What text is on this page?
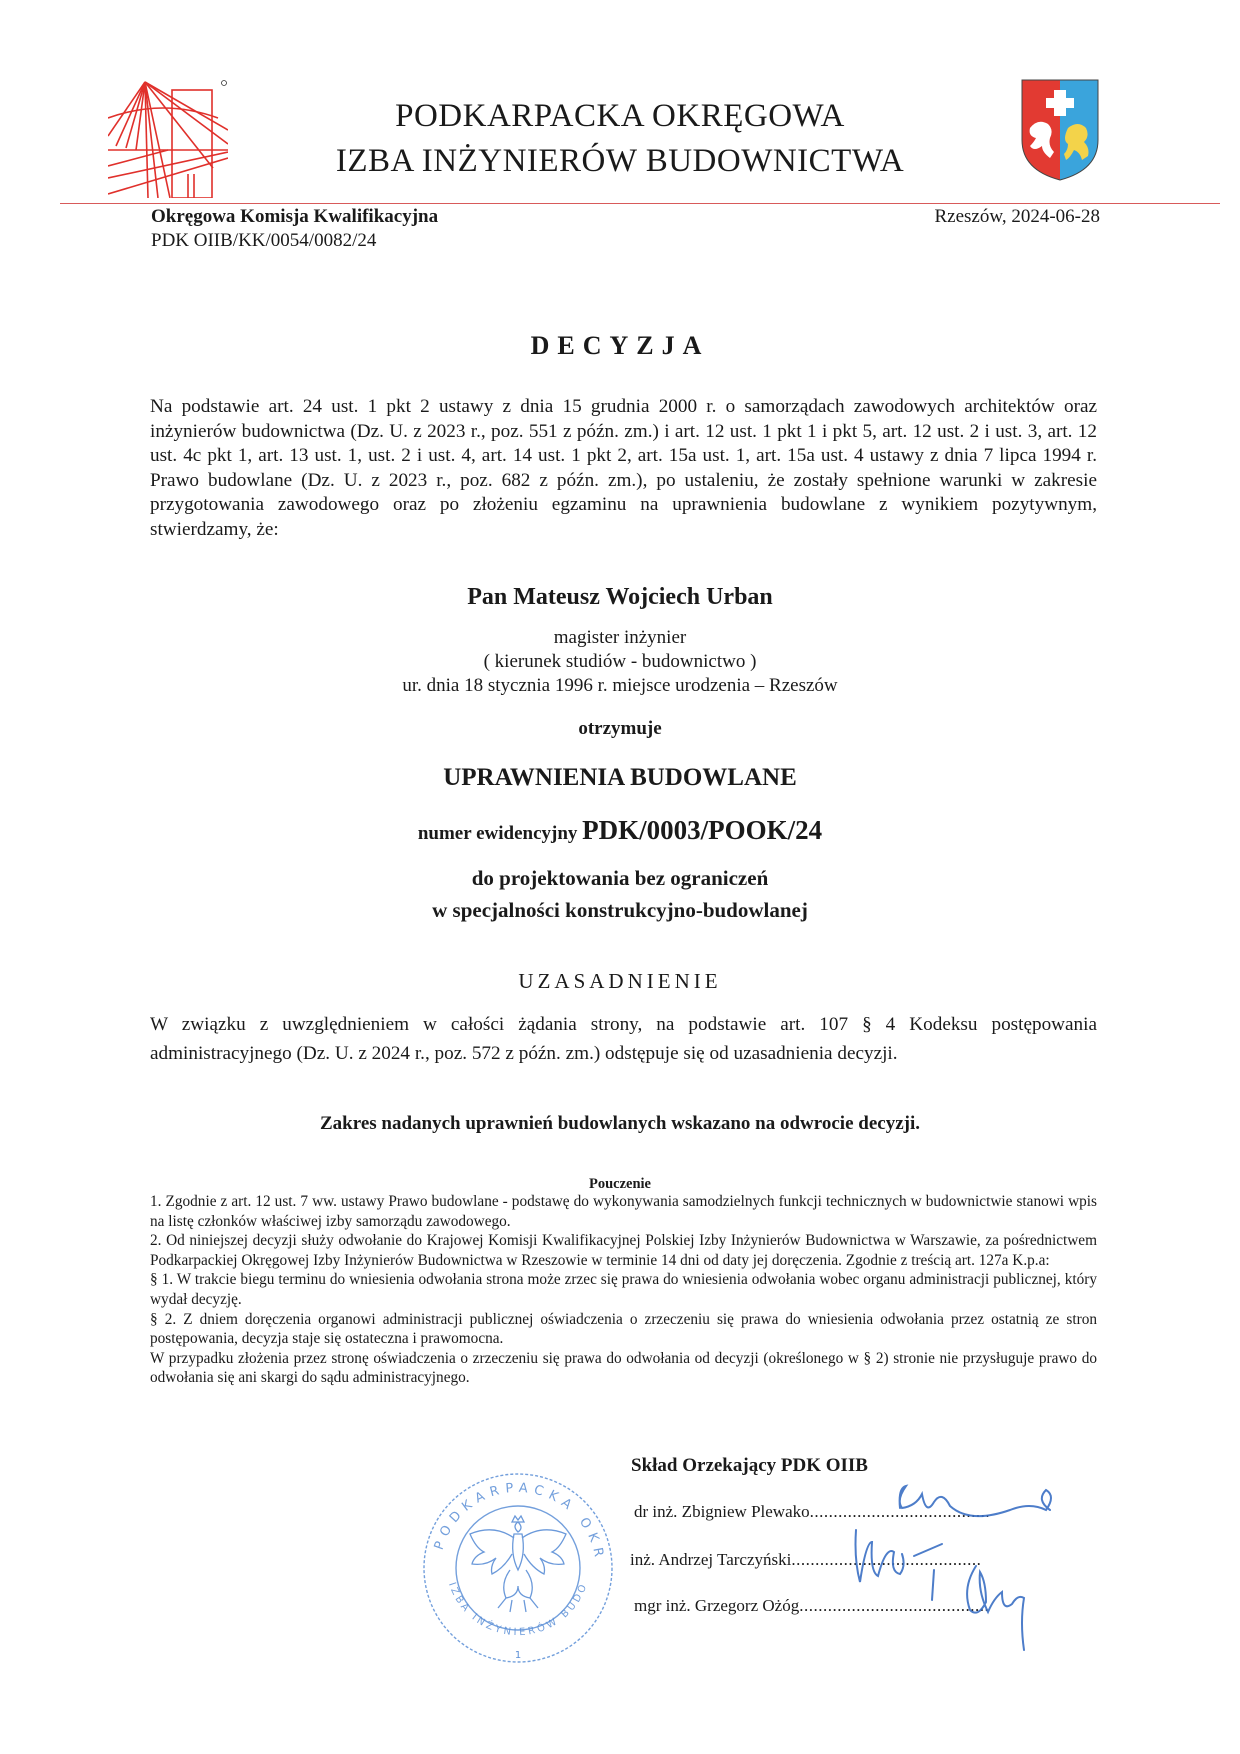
PODKARPACKA OKRĘGOWA
IZBA INŻYNIERÓW BUDOWNICTWA
Okręgowa Komisja Kwalifikacyjna
PDK OIIB/KK/0054/0082/24
Rzeszów, 2024-06-28
DECYZJA
Na podstawie art. 24 ust. 1 pkt 2 ustawy z dnia 15 grudnia 2000 r. o samorządach zawodowych architektów oraz inżynierów budownictwa (Dz. U. z 2023 r., poz. 551 z późn. zm.) i art. 12 ust. 1 pkt 1 i pkt 5, art. 12 ust. 2 i ust. 3, art. 12 ust. 4c pkt 1, art. 13 ust. 1, ust. 2 i ust. 4, art. 14 ust. 1 pkt 2, art. 15a ust. 1, art. 15a ust. 4 ustawy z dnia 7 lipca 1994 r. Prawo budowlane (Dz. U. z 2023 r., poz. 682 z późn. zm.), po ustaleniu, że zostały spełnione warunki w zakresie przygotowania zawodowego oraz po złożeniu egzaminu na uprawnienia budowlane z wynikiem pozytywnym, stwierdzamy, że:
Pan Mateusz Wojciech Urban
magister inżynier
( kierunek studiów - budownictwo )
ur. dnia 18 stycznia 1996 r. miejsce urodzenia – Rzeszów
otrzymuje
UPRAWNIENIA BUDOWLANE
numer ewidencyjny PDK/0003/POOK/24
do projektowania bez ograniczeń
w specjalności konstrukcyjno-budowlanej
UZASADNIENIE
W związku z uwzględnieniem w całości żądania strony, na podstawie art. 107 § 4 Kodeksu postępowania administracyjnego (Dz. U. z 2024 r., poz. 572 z późn. zm.) odstępuje się od uzasadnienia decyzji.
Zakres nadanych uprawnień budowlanych wskazano na odwrocie decyzji.
Pouczenie

1. Zgodnie z art. 12 ust. 7 ww. ustawy Prawo budowlane - podstawę do wykonywania samodzielnych funkcji technicznych w budownictwie stanowi wpis na listę członków właściwej izby samorządu zawodowego.

2. Od niniejszej decyzji służy odwołanie do Krajowej Komisji Kwalifikacyjnej Polskiej Izby Inżynierów Budownictwa w Warszawie, za pośrednictwem Podkarpackiej Okręgowej Izby Inżynierów Budownictwa w Rzeszowie w terminie 14 dni od daty jej doręczenia. Zgodnie z treścią art. 127a K.p.a:

§ 1. W trakcie biegu terminu do wniesienia odwołania strona może zrzec się prawa do wniesienia odwołania wobec organu administracji publicznej, który wydał decyzję.

§ 2. Z dniem doręczenia organowi administracji publicznej oświadczenia o zrzeczeniu się prawa do wniesienia odwołania przez ostatnią ze stron postępowania, decyzja staje się ostateczna i prawomocna.

W przypadku złożenia przez stronę oświadczenia o zrzeczeniu się prawa do odwołania od decyzji (określonego w § 2) stronie nie przysługuje prawo do odwołania się ani skargi do sądu administracyjnego.

PODKARPACKA OKR
IZBA INŻYNIERÓW BUDO
1
Skład Orzekający PDK OIIB
dr inż. Zbigniew Plewako......................................
inż. Andrzej Tarczyński........................................
mgr inż. Grzegorz Ożóg........................................
